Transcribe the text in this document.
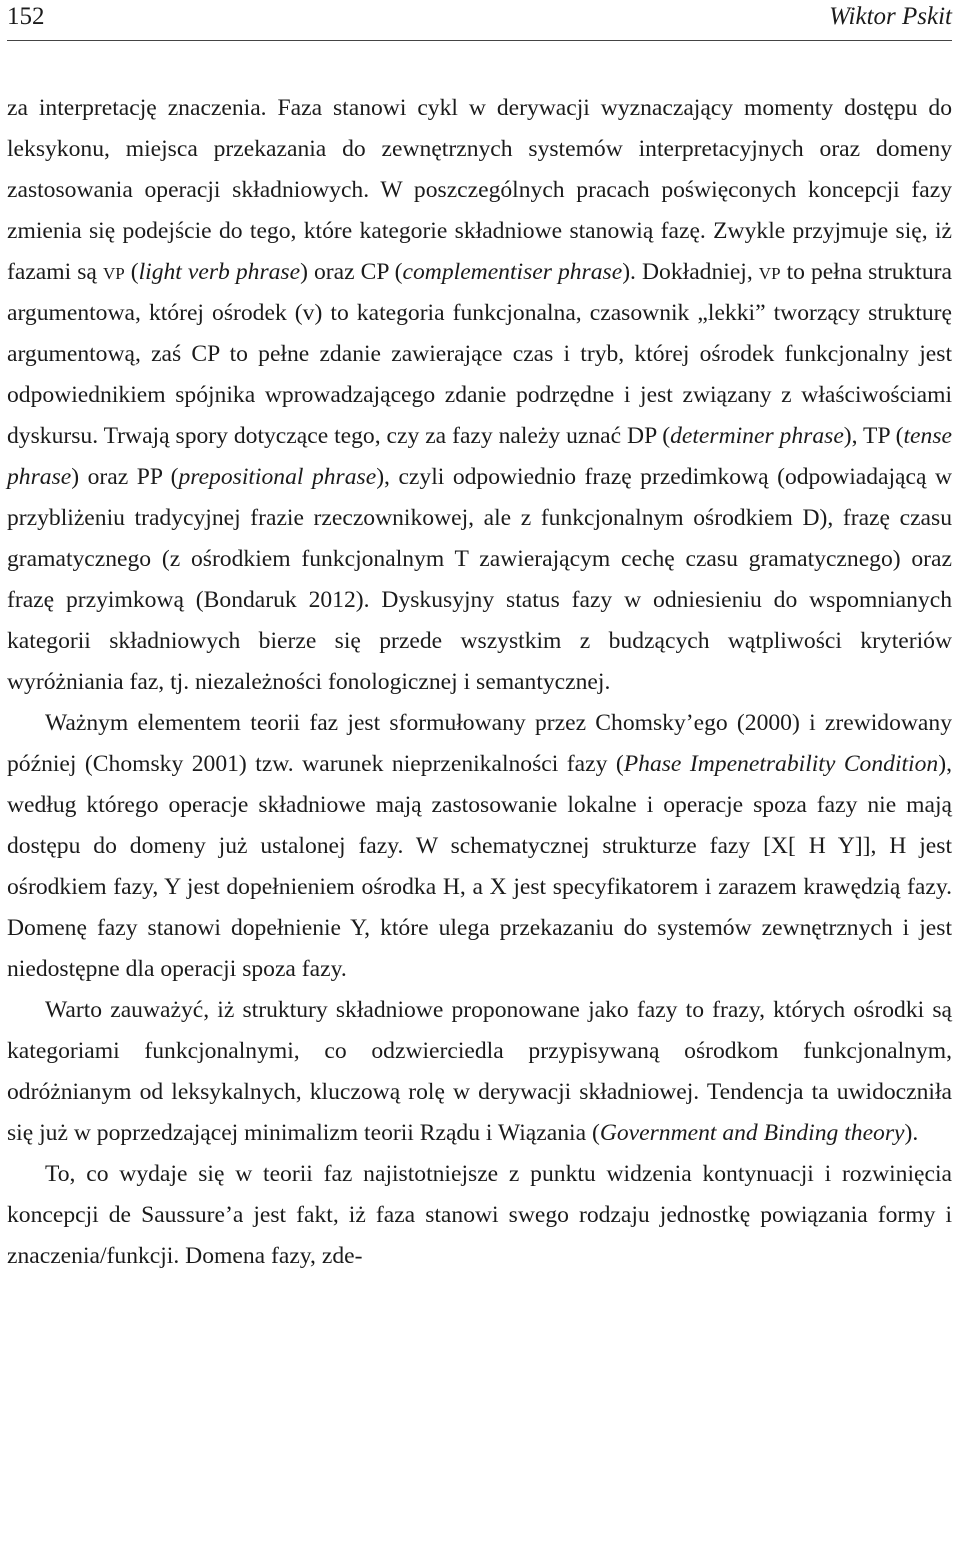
152	Wiktor Pskit

za interpretację znaczenia. Faza stanowi cykl w derywacji wyznaczający momenty dostępu do leksykonu, miejsca przekazania do zewnętrznych systemów interpretacyjnych oraz domeny zastosowania operacji składniowych. W poszczególnych pracach poświęconych koncepcji fazy zmienia się podejście do tego, które kategorie składniowe stanowią fazę. Zwykle przyjmuje się, iż fazami są vp (light verb phrase) oraz CP (complementiser phrase). Dokładniej, vp to pełna struktura argumentowa, której ośrodek (v) to kategoria funkcjonalna, czasownik „lekki” tworzący strukturę argumentową, zaś CP to pełne zdanie zawierające czas i tryb, której ośrodek funkcjonalny jest odpowiednikiem spójnika wprowadzającego zdanie podrzędne i jest związany z właściwościami dyskursu. Trwają spory dotyczące tego, czy za fazy należy uznać DP (determiner phrase), TP (tense phrase) oraz PP (prepositional phrase), czyli odpowiednio frazę przedimkową (odpowiadającą w przybliżeniu tradycyjnej frazie rzeczownikowej, ale z funkcjonalnym ośrodkiem D), frazę czasu gramatycznego (z ośrodkiem funkcjonalnym T zawierającym cechę czasu gramatycznego) oraz frazę przyimkową (Bondaruk 2012). Dyskusyjny status fazy w odniesieniu do wspomnianych kategorii składniowych bierze się przede wszystkim z budzących wątpliwości kryteriów wyróżniania faz, tj. niezależności fonologicznej i semantycznej.

Ważnym elementem teorii faz jest sformułowany przez Chomsky’ego (2000) i zrewidowany później (Chomsky 2001) tzw. warunek nieprzenikalności fazy (Phase Impenetrability Condition), według którego operacje składniowe mają zastosowanie lokalne i operacje spoza fazy nie mają dostępu do domeny już ustalonej fazy. W schematycznej strukturze fazy [X[ H Y]], H jest ośrodkiem fazy, Y jest dopełnieniem ośrodka H, a X jest specyfikatorem i zarazem krawędzią fazy. Domenę fazy stanowi dopełnienie Y, które ulega przekazaniu do systemów zewnętrznych i jest niedostępne dla operacji spoza fazy.

Warto zauważyć, iż struktury składniowe proponowane jako fazy to frazy, których ośrodki są kategoriami funkcjonalnymi, co odzwierciedla przypisywaną ośrodkom funkcjonalnym, odróżnianym od leksykalnych, kluczową rolę w derywacji składniowej. Tendencja ta uwidoczniła się już w poprzedzającej minimalizm teorii Rządu i Wiązania (Government and Binding theory).

To, co wydaje się w teorii faz najistotniejsze z punktu widzenia kontynuacji i rozwinięcia koncepcji de Saussure’a jest fakt, iż faza stanowi swego rodzaju jednostkę powiązania formy i znaczenia/funkcji. Domena fazy, zde-
